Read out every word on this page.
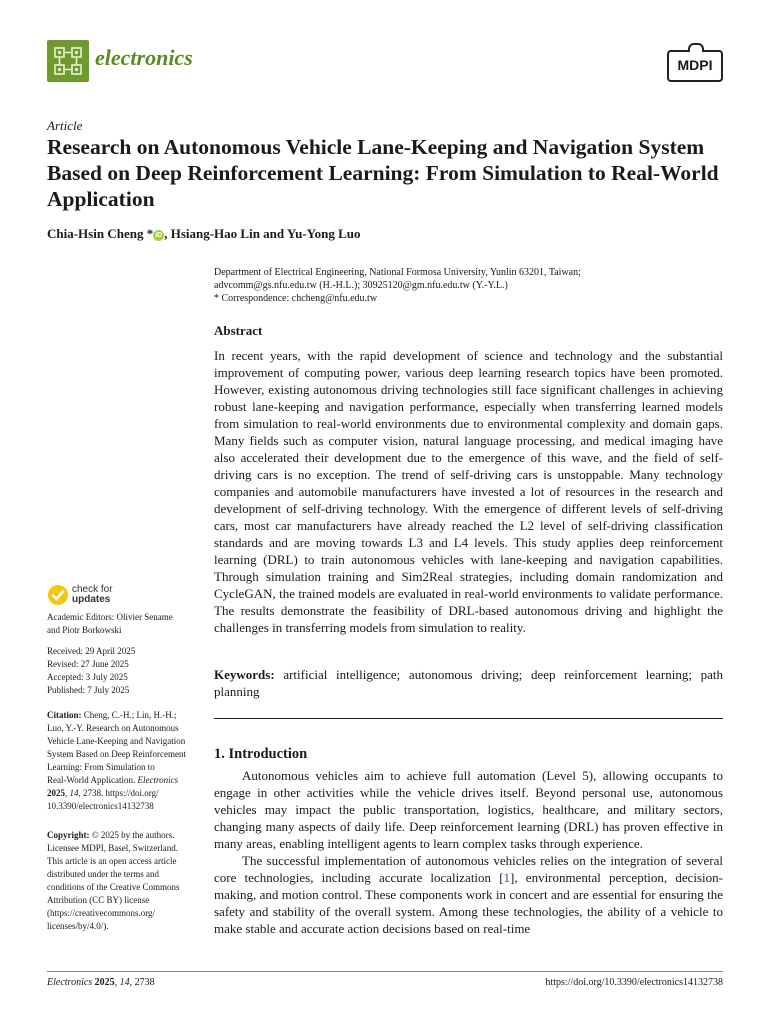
electronics	MDPI
Article
Research on Autonomous Vehicle Lane-Keeping and Navigation System Based on Deep Reinforcement Learning: From Simulation to Real-World Application
Chia-Hsin Cheng * iD , Hsiang-Hao Lin and Yu-Yong Luo
Department of Electrical Engineering, National Formosa University, Yunlin 63201, Taiwan;
advcomm@gs.nfu.edu.tw (H.-H.L.); 30925120@gm.nfu.edu.tw (Y.-Y.L.)
* Correspondence: chcheng@nfu.edu.tw
Abstract
In recent years, with the rapid development of science and technology and the substantial improvement of computing power, various deep learning research topics have been promoted. However, existing autonomous driving technologies still face significant challenges in achieving robust lane-keeping and navigation performance, especially when transferring learned models from simulation to real-world environments due to environmental complexity and domain gaps. Many fields such as computer vision, natural language processing, and medical imaging have also accelerated their development due to the emergence of this wave, and the field of self-driving cars is no exception. The trend of self-driving cars is unstoppable. Many technology companies and automobile manufacturers have invested a lot of resources in the research and development of self-driving technology. With the emergence of different levels of self-driving cars, most car manufacturers have already reached the L2 level of self-driving classification standards and are moving towards L3 and L4 levels. This study applies deep reinforcement learning (DRL) to train autonomous vehicles with lane-keeping and navigation capabilities. Through simulation training and Sim2Real strategies, including domain randomization and CycleGAN, the trained models are evaluated in real-world environments to validate performance. The results demonstrate the feasibility of DRL-based autonomous driving and highlight the challenges in transferring models from simulation to reality.
Keywords: artificial intelligence; autonomous driving; deep reinforcement learning; path planning
1. Introduction

Autonomous vehicles aim to achieve full automation (Level 5), allowing occupants to engage in other activities while the vehicle drives itself. Beyond personal use, autonomous vehicles may impact the public transportation, logistics, healthcare, and military sectors, changing many aspects of daily life. Deep reinforcement learning (DRL) has proven effective in many areas, enabling intelligent agents to learn complex tasks through experience.

The successful implementation of autonomous vehicles relies on the integration of several core technologies, including accurate localization [1], environmental perception, decision-making, and motion control. These components work in concert and are essential for ensuring the safety and stability of the overall system. Among these technologies, the ability of a vehicle to make stable and accurate action decisions based on real-time

check for
updates

Academic Editors: Olivier Sename

and Piotr Borkowski

Received: 29 April 2025

Revised: 27 June 2025

Accepted: 3 July 2025

Published: 7 July 2025

Citation: Cheng, C.-H.; Lin, H.-H.;

Luo, Y.-Y. Research on Autonomous

Vehicle Lane-Keeping and Navigation

System Based on Deep Reinforcement

Learning: From Simulation to

Real-World Application. Electronics

2025, 14, 2738. https://doi.org/

10.3390/electronics14132738

Copyright: © 2025 by the authors.

Licensee MDPI, Basel, Switzerland.

This article is an open access article

distributed under the terms and

conditions of the Creative Commons

Attribution (CC BY) license

(https://creativecommons.org/

licenses/by/4.0/).

Electronics 2025, 14, 2738	https://doi.org/10.3390/electronics14132738
